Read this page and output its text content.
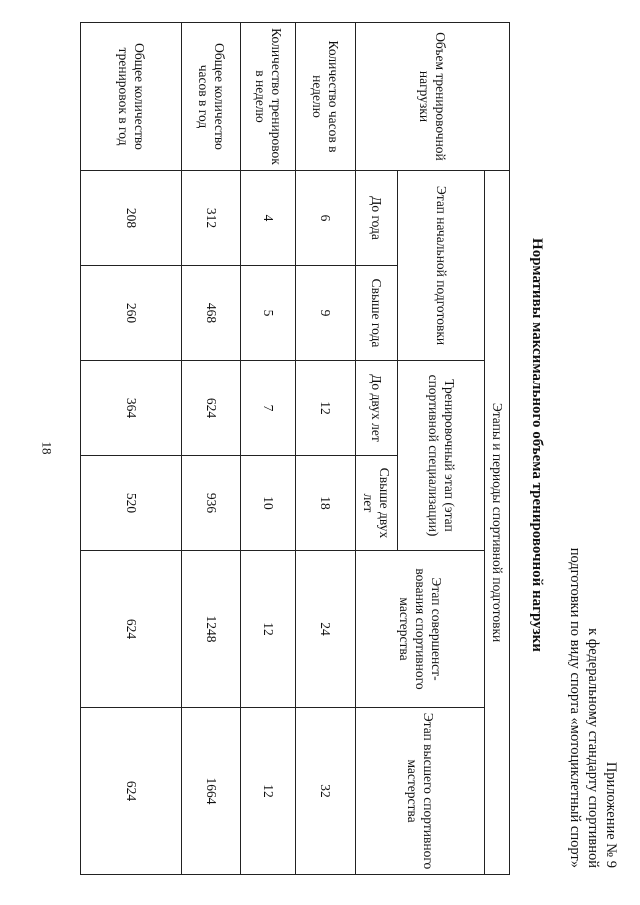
18
Приложение № 9
к федеральному стандарту спортивной
подготовки по виду спорта «мотоциклетный спорт»
Нормативы максимального объема тренировочной нагрузки
Объем тренировочной нагрузки	Этапы и периоды спортивной подготовки					
	Этап начальной подготовки		Тренировочный этап (этап спортивной специализации)		Этап совершенст-вования спортивного мастерства	Этап высшего спортивного мастерства
	До года	Свыше года	До двух лет	Свыше двух лет		
Количество часов в неделю	6	9	12	18	24	32
Количество тренировок в неделю	4	5	7	10	12	12
Общее количество часов в год	312	468	624	936	1248	1664
Общее количество тренировок в год	208	260	364	520	624	624
